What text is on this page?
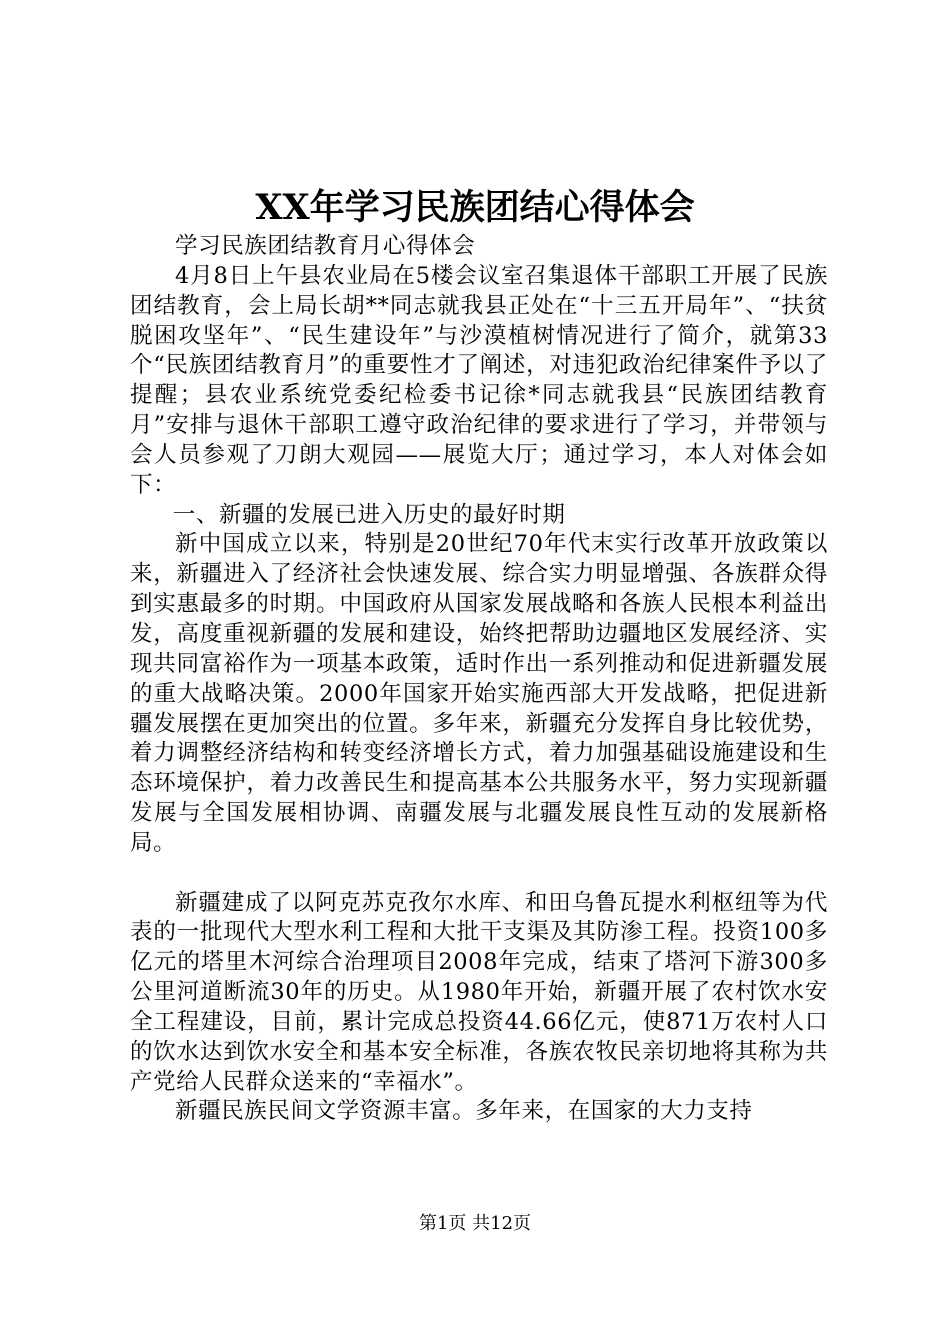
XX年学习民族团结心得体会

学习民族团结教育月心得体会

4月8日上午县农业局在5楼会议室召集退体干部职工开展了民族团结教育，会上局长胡**同志就我县正处在“十三五开局年”、“扶贫脱困攻坚年”、“民生建设年”与沙漠植树情况进行了简介，就第33个“民族团结教育月”的重要性才了阐述，对违犯政治纪律案件予以了提醒；县农业系统党委纪检委书记徐*同志就我县“民族团结教育月”安排与退休干部职工遵守政治纪律的要求进行了学习，并带领与会人员参观了刀朗大观园——展览大厅；通过学习，本人对体会如下：

一、新疆的发展已进入历史的最好时期

新中国成立以来，特别是20世纪70年代末实行改革开放政策以来，新疆进入了经济社会快速发展、综合实力明显增强、各族群众得到实惠最多的时期。中国政府从国家发展战略和各族人民根本利益出发，高度重视新疆的发展和建设，始终把帮助边疆地区发展经济、实现共同富裕作为一项基本政策，适时作出一系列推动和促进新疆发展的重大战略决策。2000年国家开始实施西部大开发战略，把促进新疆发展摆在更加突出的位置。多年来，新疆充分发挥自身比较优势，着力调整经济结构和转变经济增长方式，着力加强基础设施建设和生态环境保护，着力改善民生和提高基本公共服务水平，努力实现新疆发展与全国发展相协调、南疆发展与北疆发展良性互动的发展新格局。

新疆建成了以阿克苏克孜尔水库、和田乌鲁瓦提水利枢纽等为代表的一批现代大型水利工程和大批干支渠及其防渗工程。投资100多亿元的塔里木河综合治理项目2008年完成，结束了塔河下游300多公里河道断流30年的历史。从1980年开始，新疆开展了农村饮水安全工程建设，目前，累计完成总投资44.66亿元，使871万农村人口的饮水达到饮水安全和基本安全标准，各族农牧民亲切地将其称为共产党给人民群众送来的“幸福水”。

新疆民族民间文学资源丰富。多年来，在国家的大力支持

第1页 共12页
